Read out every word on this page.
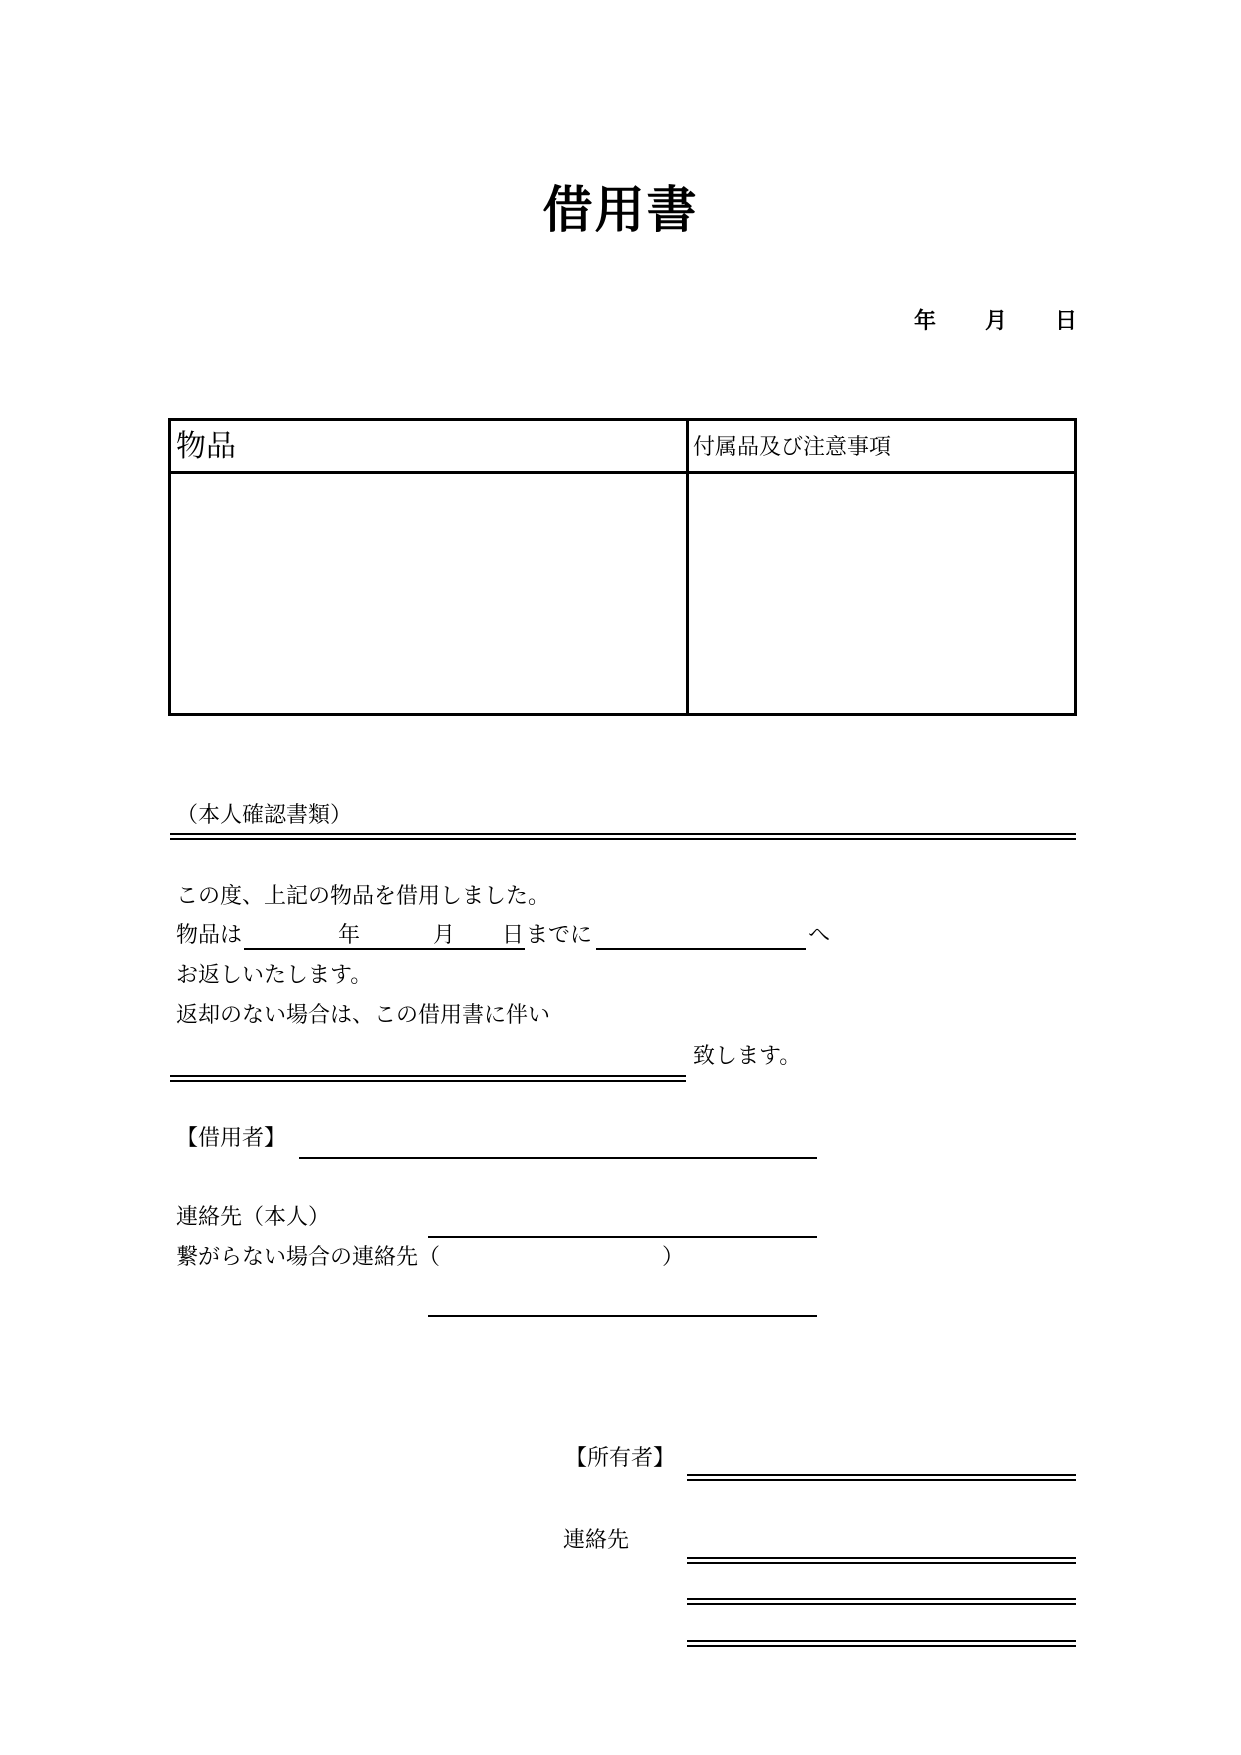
借用書
年 月 日
物品	付属品及び注意事項
（本人確認書類）
この度、上記の物品を借用しました。
物品は	年	月 日 までに	へ
お返しいたします。
返却のない場合は、この借用書に伴い
致します。
【借用者】
連絡先（本人）
繋がらない場合の連絡先（	）
【所有者】
連絡先
